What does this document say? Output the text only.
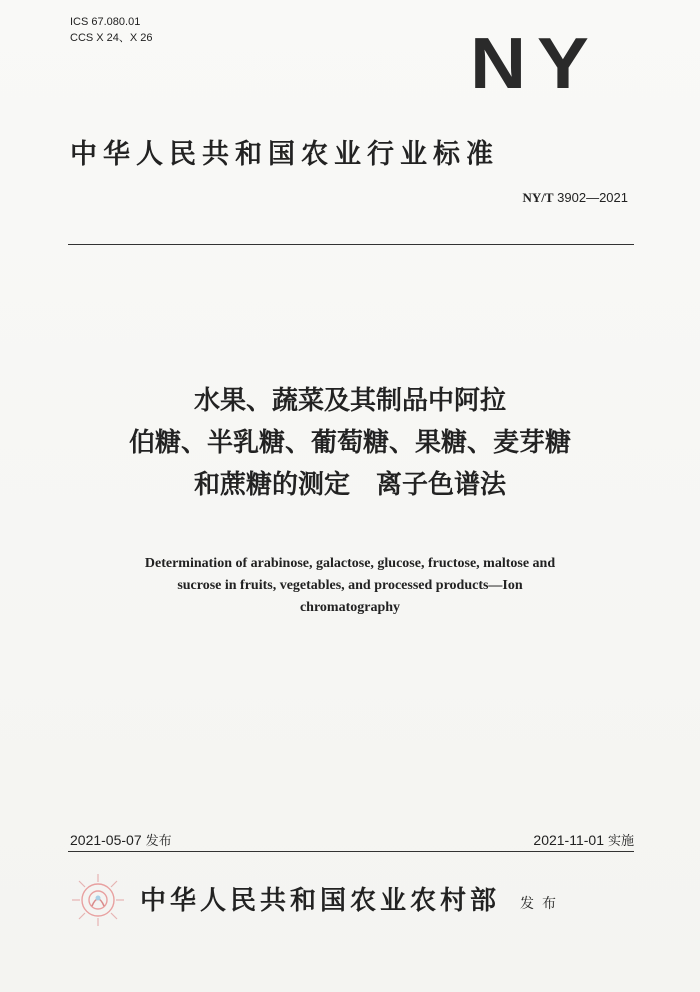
ICS 67.080.01
CCS X 24、X 26	NY
中华人民共和国农业行业标准
NY/T 3902—2021
水果、蔬菜及其制品中阿拉
伯糖、半乳糖、葡萄糖、果糖、麦芽糖
和蔗糖的测定　离子色谱法
Determination of arabinose, galactose, glucose, fructose, maltose and
sucrose in fruits, vegetables, and processed products—Ion
chromatography
2021-05-07 发布	2021-11-01 实施
中华人民共和国农业农村部 发布
